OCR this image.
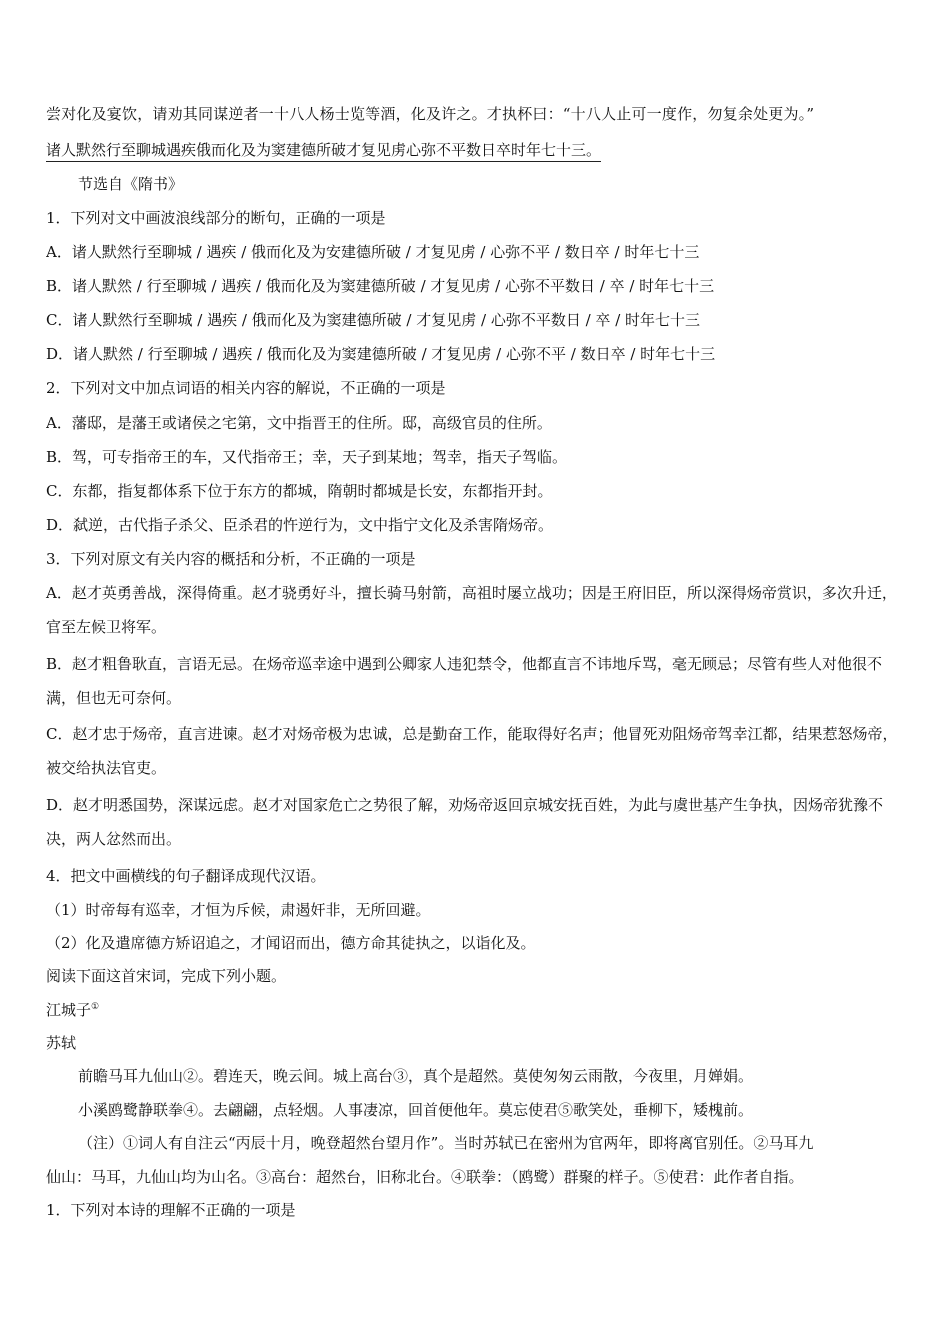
尝对化及宴饮，请劝其同谋逆者一十八人杨士览等酒，化及许之。才执杯曰：“十八人止可一度作，勿复余处更为。”
诸人默然行至聊城遇疾俄而化及为窦建德所破才复见虏心弥不平数日卒时年七十三。
节选自《隋书》
1．下列对文中画波浪线部分的断句，正确的一项是
A．诸人默然行至聊城 / 遇疾 / 俄而化及为安建德所破 / 才复见虏 / 心弥不平 / 数日卒 / 时年七十三
B．诸人默然 / 行至聊城 / 遇疾 / 俄而化及为窦建德所破 / 才复见虏 / 心弥不平数日 / 卒 / 时年七十三
C．诸人默然行至聊城 / 遇疾 / 俄而化及为窦建德所破 / 才复见虏 / 心弥不平数日 / 卒 / 时年七十三
D．诸人默然 / 行至聊城 / 遇疾 / 俄而化及为窦建德所破 / 才复见虏 / 心弥不平 / 数日卒 / 时年七十三
2．下列对文中加点词语的相关内容的解说，不正确的一项是
A．藩邸，是藩王或诸侯之宅第，文中指晋王的住所。邸，高级官员的住所。
B．驾，可专指帝王的车，又代指帝王；幸，天子到某地；驾幸，指天子驾临。
C．东都，指复都体系下位于东方的都城，隋朝时都城是长安，东都指开封。
D．弑逆，古代指子杀父、臣杀君的忤逆行为，文中指宁文化及杀害隋炀帝。
3．下列对原文有关内容的概括和分析，不正确的一项是
A．赵才英勇善战，深得倚重。赵才骁勇好斗，擅长骑马射箭，高祖时屡立战功；因是王府旧臣，所以深得炀帝赏识，多次升迁，官至左候卫将军。
B．赵才粗鲁耿直，言语无忌。在炀帝巡幸途中遇到公卿家人违犯禁令，他都直言不讳地斥骂，毫无顾忌；尽管有些人对他很不满，但也无可奈何。
C．赵才忠于炀帝，直言进谏。赵才对炀帝极为忠诚，总是勤奋工作，能取得好名声；他冒死劝阻炀帝驾幸江都，结果惹怒炀帝，被交给执法官吏。
D．赵才明悉国势，深谋远虑。赵才对国家危亡之势很了解，劝炀帝返回京城安抚百姓，为此与虞世基产生争执，因炀帝犹豫不决，两人忿然而出。
4．把文中画横线的句子翻译成现代汉语。
（1）时帝每有巡幸，才恒为斥候，肃遏奸非，无所回避。
（2）化及遣席德方矫诏追之，才闻诏而出，德方命其徒执之，以诣化及。
阅读下面这首宋词，完成下列小题。
江城子①
苏轼
前瞻马耳九仙山②。碧连天，晚云间。城上高台③，真个是超然。莫使匆匆云雨散，今夜里，月婵娟。
小溪鸥鹭静联拳④。去翩翩，点轻烟。人事凄凉，回首便他年。莫忘使君⑤歌笑处，垂柳下，矮槐前。
（注）①词人有自注云“丙辰十月，晚登超然台望月作”。当时苏轼已在密州为官两年，即将离官别任。②马耳九
仙山：马耳，九仙山均为山名。③高台：超然台，旧称北台。④联拳：（鸥鹭）群聚的样子。⑤使君：此作者自指。
1．下列对本诗的理解不正确的一项是
